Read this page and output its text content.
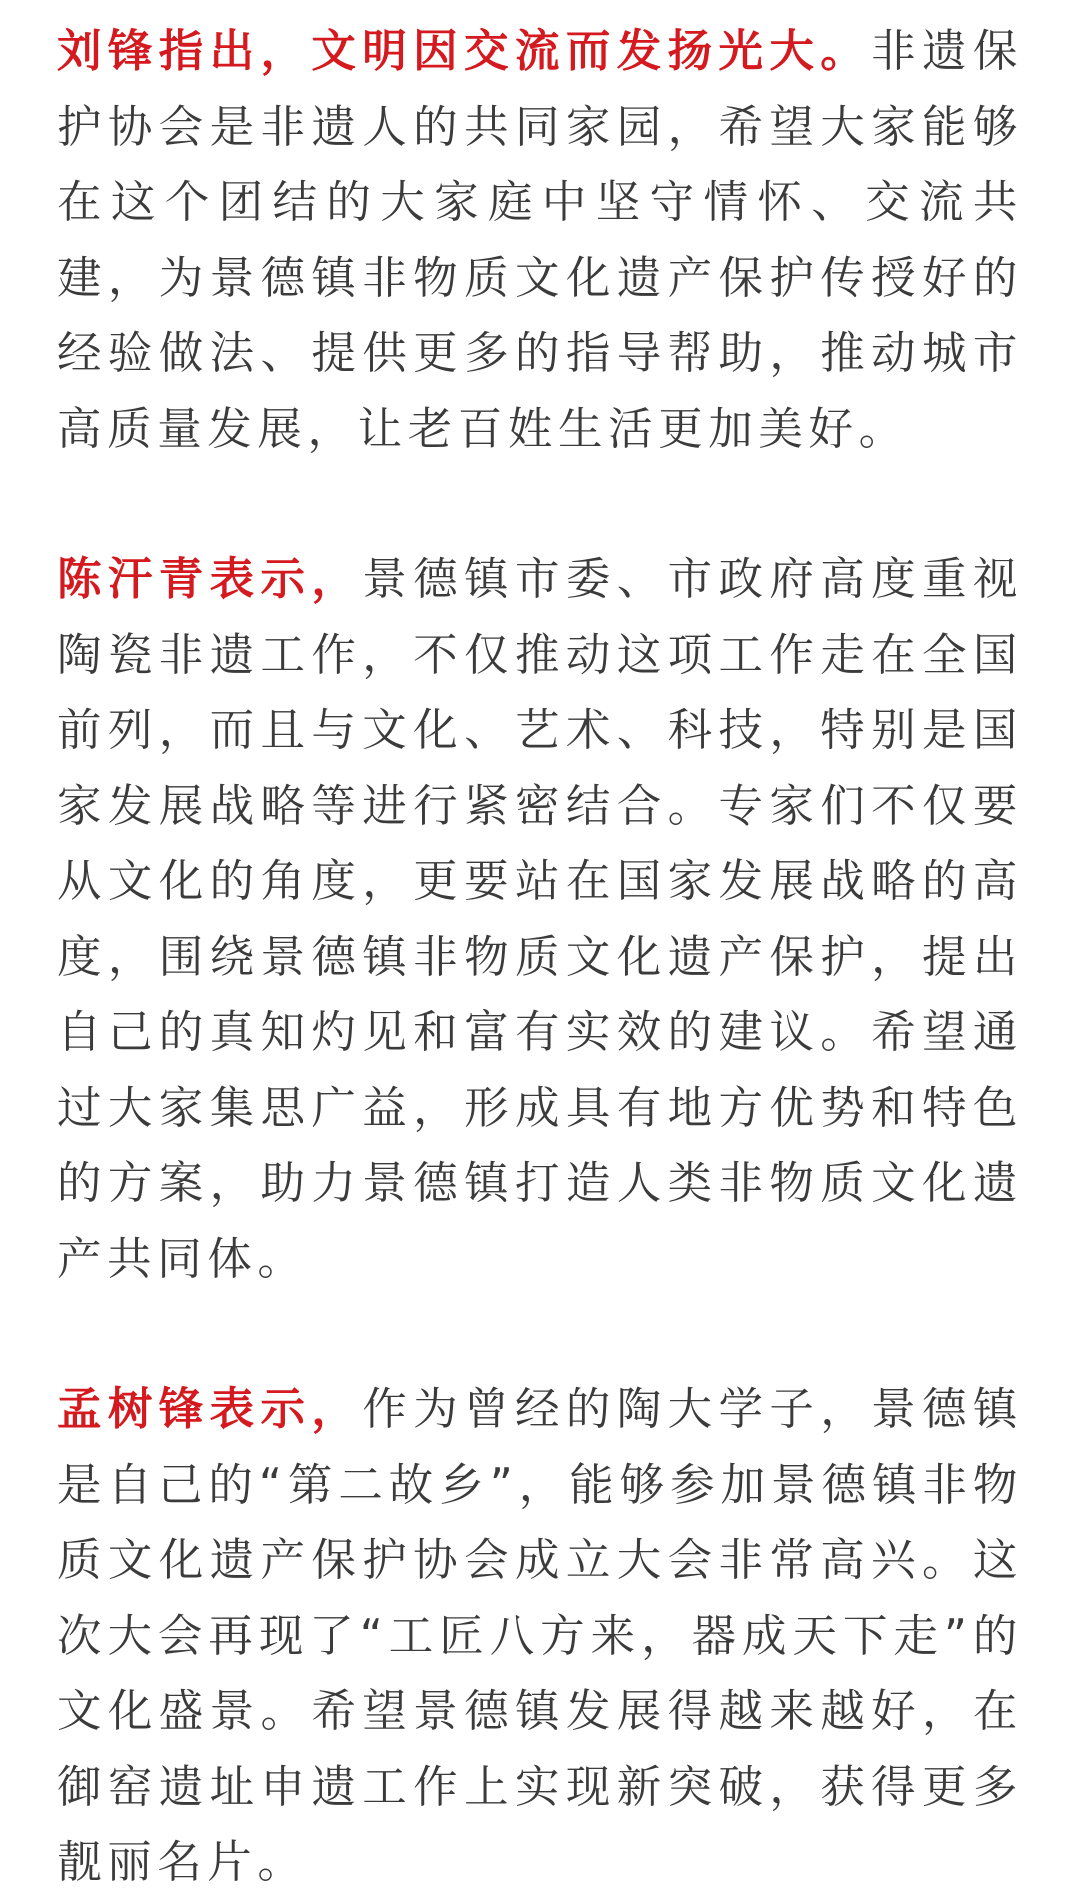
刘锋指出，文明因交流而发扬光大。非遗保护协会是非遗人的共同家园，希望大家能够在这个团结的大家庭中坚守情怀、交流共建，为景德镇非物质文化遗产保护传授好的经验做法、提供更多的指导帮助，推动城市高质量发展，让老百姓生活更加美好。

陈汗青表示，景德镇市委、市政府高度重视陶瓷非遗工作，不仅推动这项工作走在全国前列，而且与文化、艺术、科技，特别是国家发展战略等进行紧密结合。专家们不仅要从文化的角度，更要站在国家发展战略的高度，围绕景德镇非物质文化遗产保护，提出自己的真知灼见和富有实效的建议。希望通过大家集思广益，形成具有地方优势和特色的方案，助力景德镇打造人类非物质文化遗产共同体。

孟树锋表示，作为曾经的陶大学子，景德镇是自己的“第二故乡”，能够参加景德镇非物质文化遗产保护协会成立大会非常高兴。这次大会再现了“工匠八方来，器成天下走”的文化盛景。希望景德镇发展得越来越好，在御窑遗址申遗工作上实现新突破，获得更多靓丽名片。
